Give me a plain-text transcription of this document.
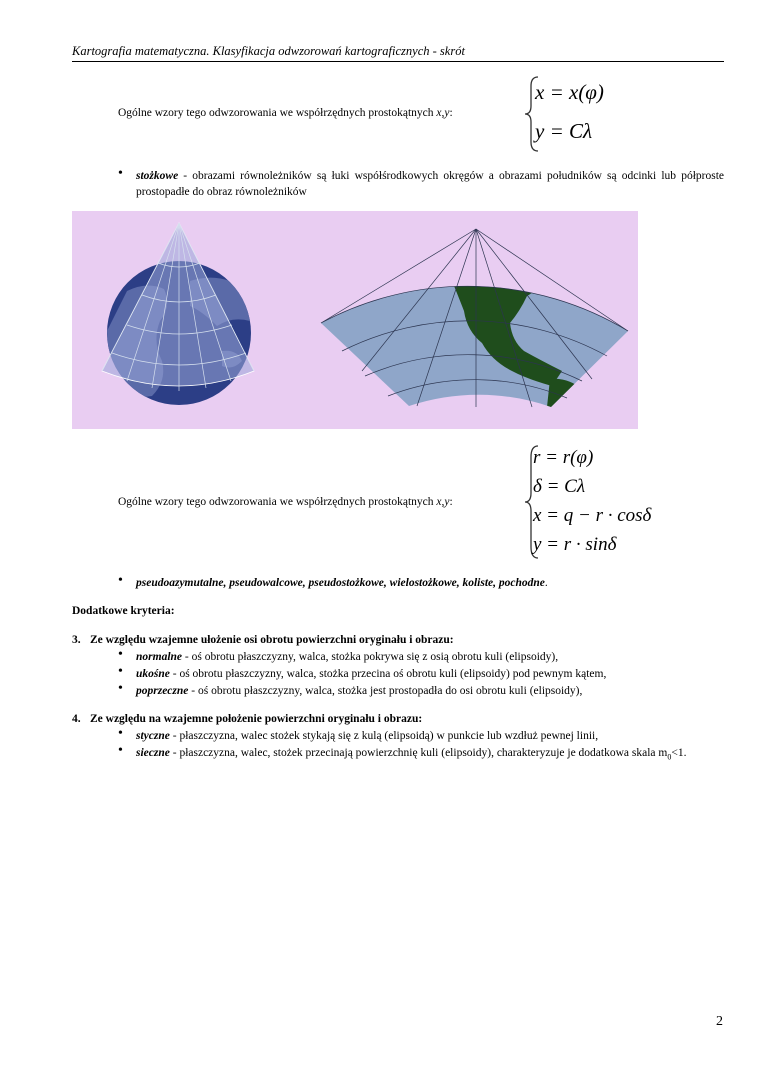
Kartografia matematyczna. Klasyfikacja odwzorowań kartograficznych - skrót
Ogólne wzory tego odwzorowania we współrzędnych prostokątnych x,y:
x = x(φ)
y = Cλ
• stożkowe - obrazami równoleżników są łuki współśrodkowych okręgów a obrazami południków są odcinki lub półproste prostopadłe do obraz równoleżników
Ogólne wzory tego odwzorowania we współrzędnych prostokątnych x,y:
r = r(φ)
δ = Cλ
x = q − r · cosδ
y = r · sinδ
• pseudoazymutalne, pseudowalcowe, pseudostożkowe, wielostożkowe, koliste, pochodne.
Dodatkowe kryteria:
3. Ze względu wzajemne ułożenie osi obrotu powierzchni oryginału i obrazu:
• normalne - oś obrotu płaszczyzny, walca, stożka pokrywa się z osią obrotu kuli (elipsoidy),
• ukośne - oś obrotu płaszczyzny, walca, stożka przecina oś obrotu kuli (elipsoidy) pod pewnym kątem,
• poprzeczne - oś obrotu płaszczyzny, walca, stożka jest prostopadła do osi obrotu kuli (elipsoidy),
4. Ze względu na wzajemne położenie powierzchni oryginału i obrazu:
• styczne - płaszczyzna, walec stożek stykają się z kulą (elipsoidą) w punkcie lub wzdłuż pewnej linii,
• sieczne - płaszczyzna, walec, stożek przecinają powierzchnię kuli (elipsoidy), charakteryzuje je dodatkowa skala $m_0<1$.
2
